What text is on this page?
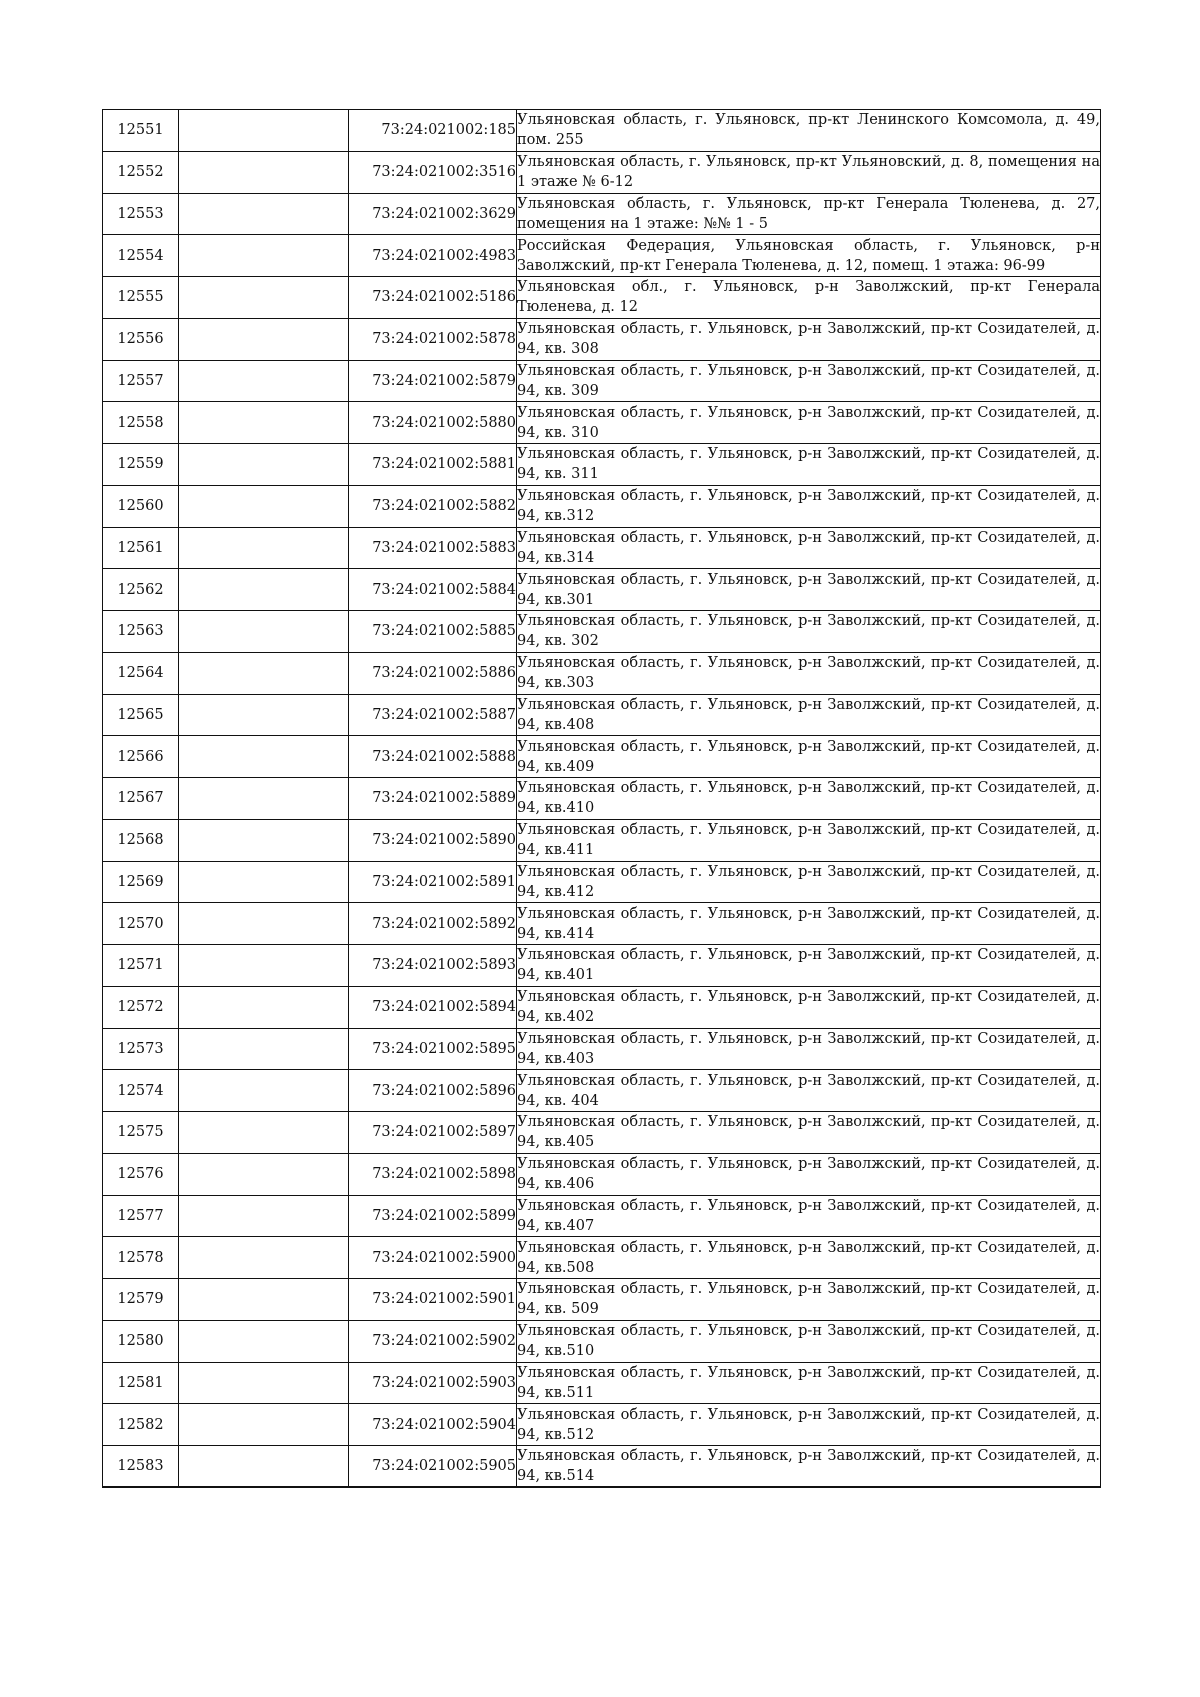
12551		73:24:021002:185	Ульяновская область, г. Ульяновск, пр-кт Ленинского Комсомола, д. 49, пом. 255
12552		73:24:021002:3516	Ульяновская область, г. Ульяновск, пр-кт Ульяновский, д. 8, помещения на 1 этаже № 6-12
12553		73:24:021002:3629	Ульяновская область, г. Ульяновск, пр-кт Генерала Тюленева, д. 27, помещения на 1 этаже: №№ 1 - 5
12554		73:24:021002:4983	Российская Федерация, Ульяновская область, г. Ульяновск, р-н Заволжский, пр-кт Генерала Тюленева, д. 12, помещ. 1 этажа: 96-99
12555		73:24:021002:5186	Ульяновская обл., г. Ульяновск, р-н Заволжский, пр-кт Генерала Тюленева, д. 12
12556		73:24:021002:5878	Ульяновская область, г. Ульяновск, р-н Заволжский, пр-кт Созидателей, д. 94, кв. 308
12557		73:24:021002:5879	Ульяновская область, г. Ульяновск, р-н Заволжский, пр-кт Созидателей, д. 94, кв. 309
12558		73:24:021002:5880	Ульяновская область, г. Ульяновск, р-н Заволжский, пр-кт Созидателей, д. 94, кв. 310
12559		73:24:021002:5881	Ульяновская область, г. Ульяновск, р-н Заволжский, пр-кт Созидателей, д. 94, кв. 311
12560		73:24:021002:5882	Ульяновская область, г. Ульяновск, р-н Заволжский, пр-кт Созидателей, д. 94, кв.312
12561		73:24:021002:5883	Ульяновская область, г. Ульяновск, р-н Заволжский, пр-кт Созидателей, д. 94, кв.314
12562		73:24:021002:5884	Ульяновская область, г. Ульяновск, р-н Заволжский, пр-кт Созидателей, д. 94, кв.301
12563		73:24:021002:5885	Ульяновская область, г. Ульяновск, р-н Заволжский, пр-кт Созидателей, д. 94, кв. 302
12564		73:24:021002:5886	Ульяновская область, г. Ульяновск, р-н Заволжский, пр-кт Созидателей, д. 94, кв.303
12565		73:24:021002:5887	Ульяновская область, г. Ульяновск, р-н Заволжский, пр-кт Созидателей, д. 94, кв.408
12566		73:24:021002:5888	Ульяновская область, г. Ульяновск, р-н Заволжский, пр-кт Созидателей, д. 94, кв.409
12567		73:24:021002:5889	Ульяновская область, г. Ульяновск, р-н Заволжский, пр-кт Созидателей, д. 94, кв.410
12568		73:24:021002:5890	Ульяновская область, г. Ульяновск, р-н Заволжский, пр-кт Созидателей, д. 94, кв.411
12569		73:24:021002:5891	Ульяновская область, г. Ульяновск, р-н Заволжский, пр-кт Созидателей, д. 94, кв.412
12570		73:24:021002:5892	Ульяновская область, г. Ульяновск, р-н Заволжский, пр-кт Созидателей, д. 94, кв.414
12571		73:24:021002:5893	Ульяновская область, г. Ульяновск, р-н Заволжский, пр-кт Созидателей, д. 94, кв.401
12572		73:24:021002:5894	Ульяновская область, г. Ульяновск, р-н Заволжский, пр-кт Созидателей, д. 94, кв.402
12573		73:24:021002:5895	Ульяновская область, г. Ульяновск, р-н Заволжский, пр-кт Созидателей, д. 94, кв.403
12574		73:24:021002:5896	Ульяновская область, г. Ульяновск, р-н Заволжский, пр-кт Созидателей, д. 94, кв. 404
12575		73:24:021002:5897	Ульяновская область, г. Ульяновск, р-н Заволжский, пр-кт Созидателей, д. 94, кв.405
12576		73:24:021002:5898	Ульяновская область, г. Ульяновск, р-н Заволжский, пр-кт Созидателей, д. 94, кв.406
12577		73:24:021002:5899	Ульяновская область, г. Ульяновск, р-н Заволжский, пр-кт Созидателей, д. 94, кв.407
12578		73:24:021002:5900	Ульяновская область, г. Ульяновск, р-н Заволжский, пр-кт Созидателей, д. 94, кв.508
12579		73:24:021002:5901	Ульяновская область, г. Ульяновск, р-н Заволжский, пр-кт Созидателей, д. 94, кв. 509
12580		73:24:021002:5902	Ульяновская область, г. Ульяновск, р-н Заволжский, пр-кт Созидателей, д. 94, кв.510
12581		73:24:021002:5903	Ульяновская область, г. Ульяновск, р-н Заволжский, пр-кт Созидателей, д. 94, кв.511
12582		73:24:021002:5904	Ульяновская область, г. Ульяновск, р-н Заволжский, пр-кт Созидателей, д. 94, кв.512
12583		73:24:021002:5905	Ульяновская область, г. Ульяновск, р-н Заволжский, пр-кт Созидателей, д. 94, кв.514
